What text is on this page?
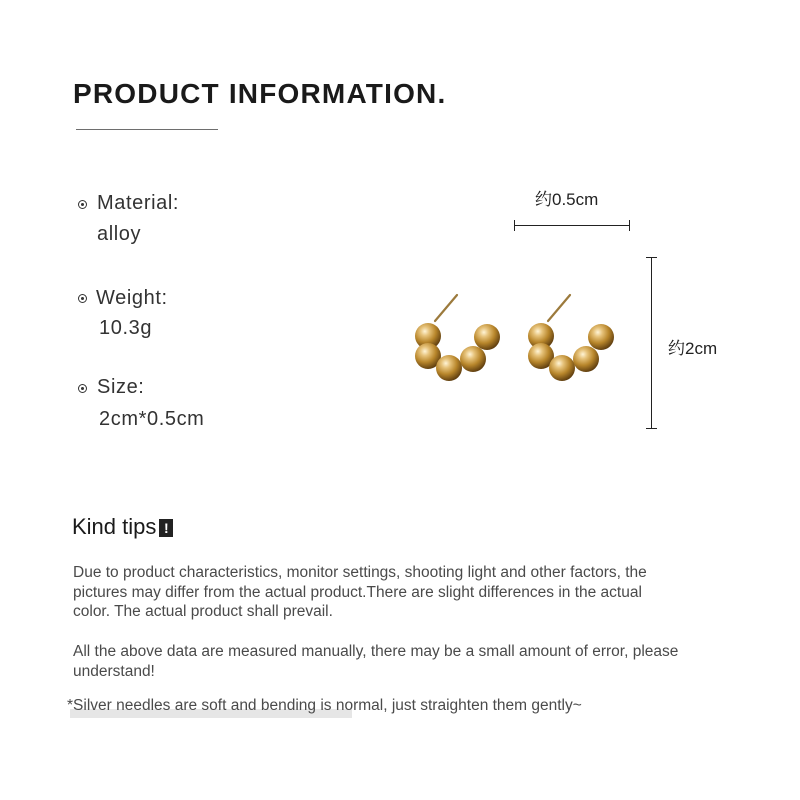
PRODUCT INFORMATION.
Material:
alloy
Weight:
10.3g
Size:
2cm*0.5cm
约0.5cm
约2cm
Kind tips !
Due to product characteristics, monitor settings, shooting light and other factors, the
pictures may differ from the actual product.There are slight differences in the actual
color. The actual product shall prevail.
All the above data are measured manually, there may be a small amount of error, please
understand!
*Silver needles are soft and bending is normal, just straighten them gently~
